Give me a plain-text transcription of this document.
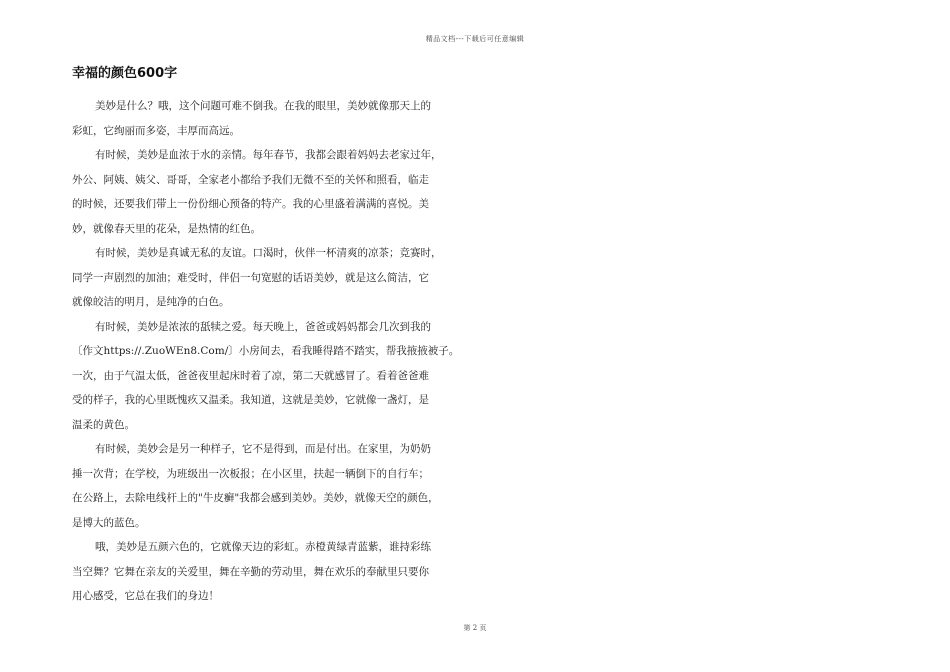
精品文档---下载后可任意编辑
幸福的颜色600字

美妙是什么？哦，这个问题可难不倒我。在我的眼里，美妙就像那天上的
彩虹，它绚丽而多姿，丰厚而高远。

有时候，美妙是血浓于水的亲情。每年春节，我都会跟着妈妈去老家过年，
外公、阿姨、姨父、哥哥，全家老小都给予我们无微不至的关怀和照看，临走
的时候，还要我们带上一份份细心预备的特产。我的心里盛着满满的喜悦。美
妙，就像春天里的花朵，是热情的红色。

有时候，美妙是真诚无私的友谊。口渴时，伙伴一杯清爽的凉茶；竞赛时，
同学一声剧烈的加油；难受时，伴侣一句宽慰的话语美妙，就是这么简洁，它
就像皎洁的明月，是纯净的白色。

有时候，美妙是浓浓的舐犊之爱。每天晚上，爸爸或妈妈都会几次到我的
〔作文https://.ZuoWEn8.Com/〕小房间去，看我睡得踏不踏实，帮我掖掖被子。
一次，由于气温太低，爸爸夜里起床时着了凉，第二天就感冒了。看着爸爸难
受的样子，我的心里既愧疚又温柔。我知道，这就是美妙，它就像一盏灯，是
温柔的黄色。

有时候，美妙会是另一种样子，它不是得到，而是付出。在家里，为奶奶
捶一次背；在学校，为班级出一次板报；在小区里，扶起一辆倒下的自行车；
在公路上，去除电线杆上的"牛皮癣"我都会感到美妙。美妙，就像天空的颜色，
是博大的蓝色。

哦，美妙是五颜六色的，它就像天边的彩虹。赤橙黄绿青蓝紫，谁持彩练
当空舞？它舞在亲友的关爱里，舞在辛勤的劳动里，舞在欢乐的奉献里只要你
用心感受，它总在我们的身边！

第 2 页
